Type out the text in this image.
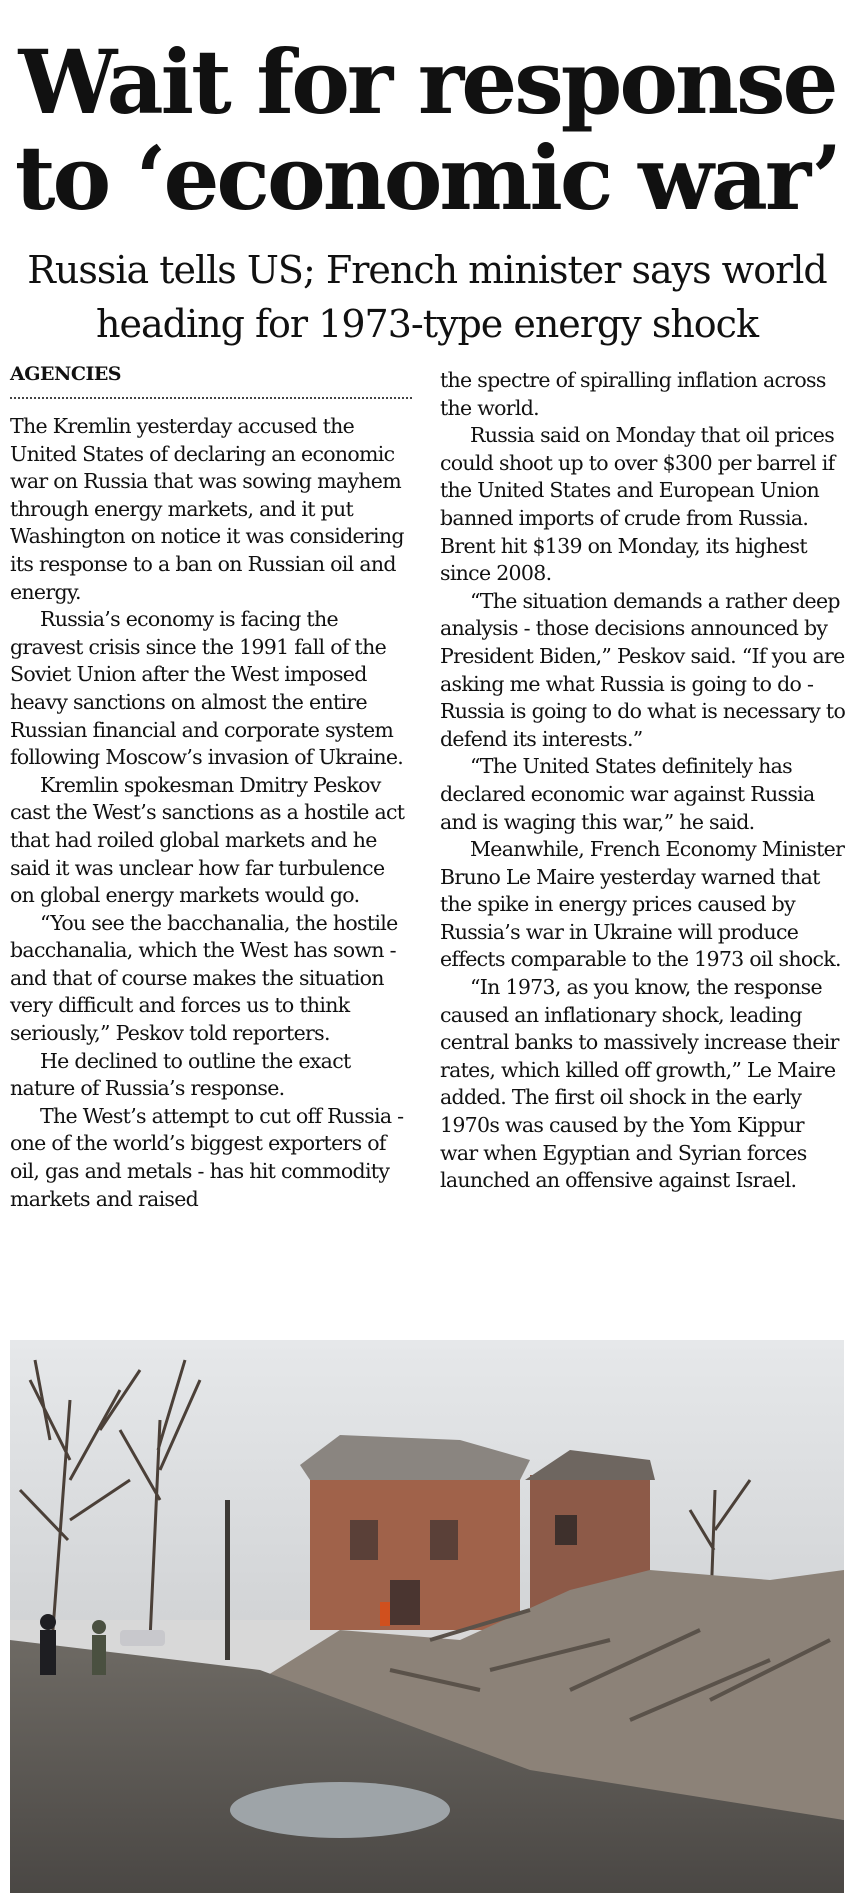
Wait for response
to ‘economic war’
Russia tells US; French minister says world
heading for 1973-type energy shock
AGENCIES

The Kremlin yesterday accused the United States of declaring an economic war on Russia that was sowing mayhem through energy markets, and it put Washington on notice it was considering its response to a ban on Russian oil and energy.

Russia’s economy is facing the gravest crisis since the 1991 fall of the Soviet Union after the West imposed heavy sanctions on almost the entire Russian financial and corporate system following Moscow’s invasion of Ukraine.

Kremlin spokesman Dmitry Peskov cast the West’s sanctions as a hostile act that had roiled global markets and he said it was unclear how far turbulence on global energy markets would go.

“You see the bacchanalia, the hostile bacchanalia, which the West has sown - and that of course makes the situation very difficult and forces us to think seriously,” Peskov told reporters.

He declined to outline the exact nature of Russia’s response.

The West’s attempt to cut off Russia - one of the world’s biggest exporters of oil, gas and metals - has hit commodity markets and raised

the spectre of spiralling inflation across the world.

Russia said on Monday that oil prices could shoot up to over $300 per barrel if the United States and European Union banned imports of crude from Russia. Brent hit $139 on Monday, its highest since 2008.

“The situation demands a rather deep analysis - those decisions announced by President Biden,” Peskov said. “If you are asking me what Russia is going to do - Russia is going to do what is necessary to defend its interests.”

“The United States definitely has declared economic war against Russia and is waging this war,” he said.

Meanwhile, French Economy Minister Bruno Le Maire yesterday warned that the spike in energy prices caused by Russia’s war in Ukraine will produce effects comparable to the 1973 oil shock.

“In 1973, as you know, the response caused an inflationary shock, leading central banks to massively increase their rates, which killed off growth,” Le Maire added. The first oil shock in the early 1970s was caused by the Yom Kippur war when Egyptian and Syrian forces launched an offensive against Israel.
